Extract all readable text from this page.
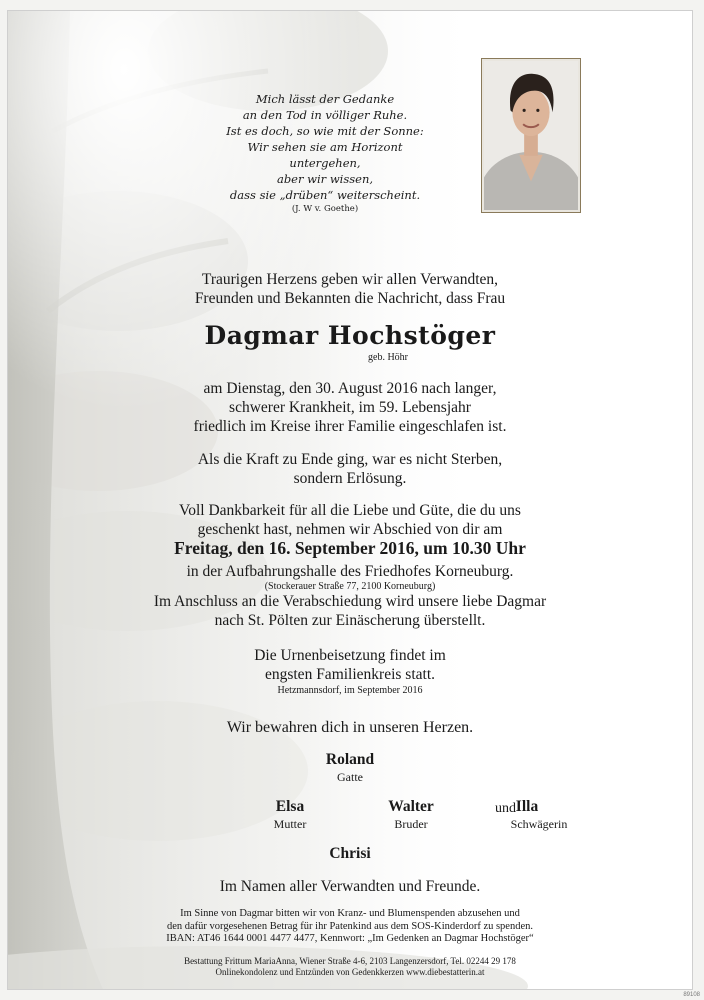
Mich lässt der Gedanke
an den Tod in völliger Ruhe.
Ist es doch, so wie mit der Sonne:
Wir sehen sie am Horizont untergehen,
aber wir wissen,
dass sie „drüben“ weiterscheint.
(J. W v. Goethe)
Traurigen Herzens geben wir allen Verwandten,
Freunden und Bekannten die Nachricht, dass Frau
Dagmar Hochstöger
geb. Höhr
am Dienstag, den 30. August 2016 nach langer,
schwerer Krankheit, im 59. Lebensjahr
friedlich im Kreise ihrer Familie eingeschlafen ist.
Als die Kraft zu Ende ging, war es nicht Sterben,
sondern Erlösung.
Voll Dankbarkeit für all die Liebe und Güte, die du uns
geschenkt hast, nehmen wir Abschied von dir am
Freitag, den 16. September 2016, um 10.30 Uhr
in der Aufbahrungshalle des Friedhofes Korneuburg.
(Stockerauer Straße 77, 2100 Korneuburg)
Im Anschluss an die Verabschiedung wird unsere liebe Dagmar
nach St. Pölten zur Einäscherung überstellt.
Die Urnenbeisetzung findet im
engsten Familienkreis statt.
Hetzmannsdorf, im September 2016
Wir bewahren dich in unseren Herzen.
Roland
Gatte
Elsa
Mutter
Walter
Bruder
und Illa
Schwägerin
Chrisi
Im Namen aller Verwandten und Freunde.
Im Sinne von Dagmar bitten wir von Kranz- und Blumenspenden abzusehen und
den dafür vorgesehenen Betrag für ihr Patenkind aus dem SOS-Kinderdorf zu spenden.
IBAN: AT46 1644 0001 4477 4477, Kennwort: „Im Gedenken an Dagmar Hochstöger“
Bestattung Frittum MariaAnna, Wiener Straße 4-6, 2103 Langenzersdorf, Tel. 02244 29 178
Onlinekondolenz und Entzünden von Gedenkkerzen www.diebestatterin.at
89108
